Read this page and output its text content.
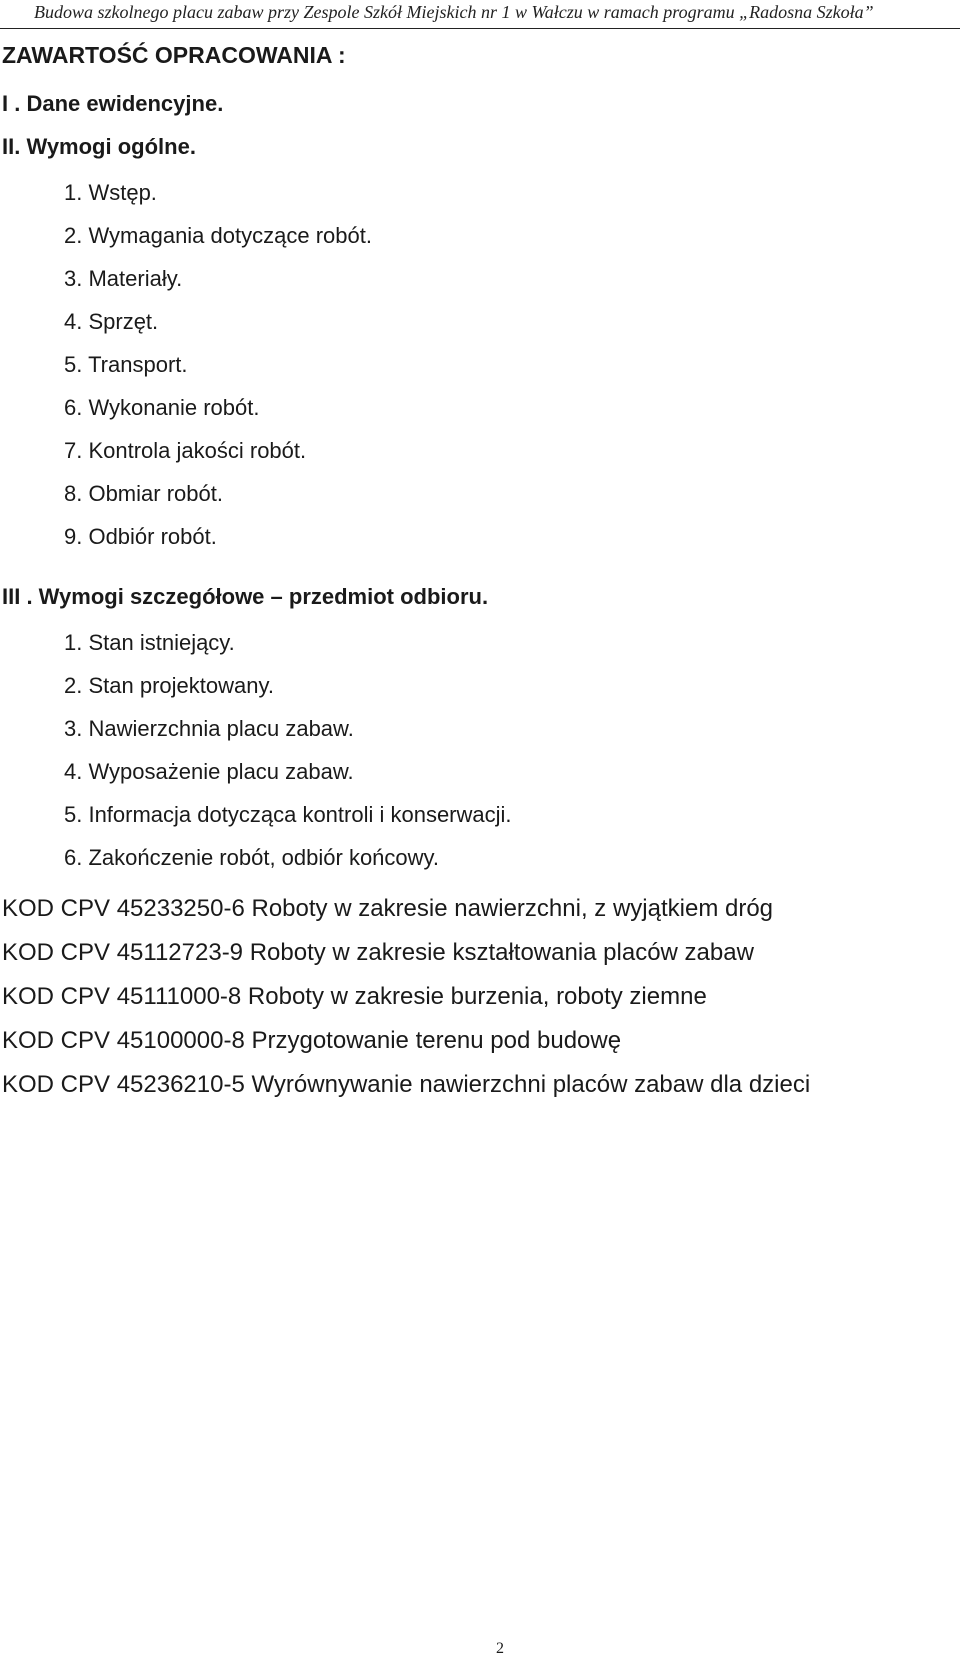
Budowa szkolnego placu zabaw przy Zespole Szkół Miejskich nr 1 w Wałczu w ramach programu „Radosna Szkoła”
ZAWARTOŚĆ OPRACOWANIA :
I . Dane ewidencyjne.
II. Wymogi ogólne.
1. Wstęp.
2. Wymagania dotyczące robót.
3. Materiały.
4. Sprzęt.
5. Transport.
6. Wykonanie robót.
7. Kontrola jakości robót.
8. Obmiar robót.
9. Odbiór robót.
III . Wymogi szczegółowe – przedmiot odbioru.
1. Stan istniejący.
2. Stan projektowany.
3. Nawierzchnia placu zabaw.
4. Wyposażenie placu zabaw.
5. Informacja dotycząca kontroli i konserwacji.
6. Zakończenie robót, odbiór końcowy.
KOD CPV 45233250-6 Roboty w zakresie nawierzchni, z wyjątkiem dróg
KOD CPV 45112723-9 Roboty w zakresie kształtowania placów zabaw
KOD CPV 45111000-8 Roboty w zakresie burzenia, roboty ziemne
KOD CPV 45100000-8 Przygotowanie terenu pod budowę
KOD CPV 45236210-5 Wyrównywanie nawierzchni placów zabaw dla dzieci
2
